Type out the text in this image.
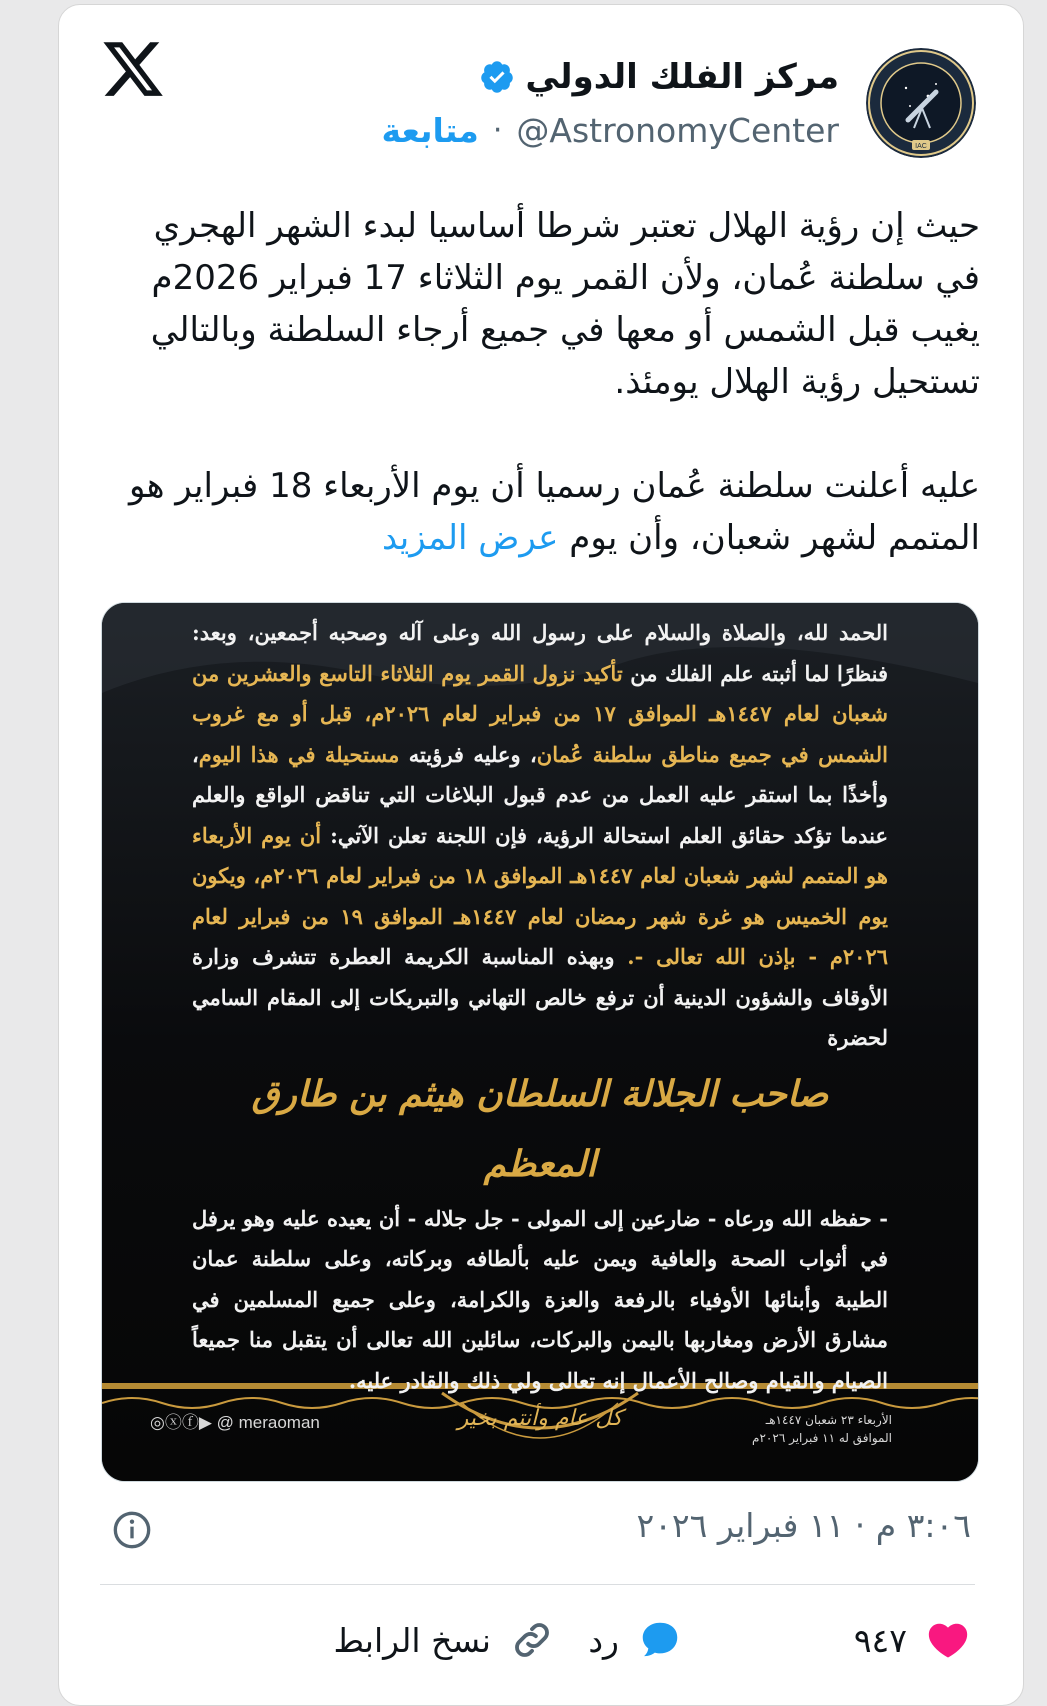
IAC
مركز الفلك الدولي
@AstronomyCenter
·
متابعة

حيث إن رؤية الهلال تعتبر شرطا أساسيا لبدء الشهر الهجري في سلطنة عُمان، ولأن القمر يوم الثلاثاء 17 فبراير 2026م يغيب قبل الشمس أو معها في جميع أرجاء السلطنة وبالتالي تستحيل رؤية الهلال يومئذ.

عليه أعلنت سلطنة عُمان رسميا أن يوم الأربعاء 18 فبراير هو المتمم لشهر شعبان، وأن يوم عرض المزيد

الحمد لله، والصلاة والسلام على رسول الله وعلى آله وصحبه أجمعين، وبعد: فنظرًا لما أثبته علم الفلك من تأكيد نزول القمر يوم الثلاثاء التاسع والعشرين من شعبان لعام ١٤٤٧هـ الموافق ١٧ من فبراير لعام ٢٠٢٦م، قبل أو مع غروب الشمس في جميع مناطق سلطنة عُمان، وعليه فرؤيته مستحيلة في هذا اليوم، وأخذًا بما استقر عليه العمل من عدم قبول البلاغات التي تناقض الواقع والعلم عندما تؤكد حقائق العلم استحالة الرؤية، فإن اللجنة تعلن الآتي: أن يوم الأربعاء هو المتمم لشهر شعبان لعام ١٤٤٧هـ الموافق ١٨ من فبراير لعام ٢٠٢٦م، ويكون يوم الخميس هو غرة شهر رمضان لعام ١٤٤٧هـ الموافق ١٩ من فبراير لعام ٢٠٢٦م - بإذن الله تعالى -. وبهذه المناسبة الكريمة العطرة تتشرف وزارة الأوقاف والشؤون الدينية أن ترفع خالص التهاني والتبريكات إلى المقام السامي لحضرة
صاحب الجلالة السلطان هيثم بن طارق المعظم
- حفظه الله ورعاه - ضارعين إلى المولى - جل جلاله - أن يعيده عليه وهو يرفل في أثواب الصحة والعافية ويمن عليه بألطافه وبركاته، وعلى سلطنة عمان الطيبة وأبنائها الأوفياء بالرفعة والعزة والكرامة، وعلى جميع المسلمين في مشارق الأرض ومغاربها باليمن والبركات، سائلين الله تعالى أن يتقبل منا جميعاً الصيام والقيام وصالح الأعمال إنه تعالى ولي ذلك والقادر عليه.
◎ⓧⓕ▶ @ meraoman	كل عام وأنتم بخير	الأربعاء ٢٣ شعبان ١٤٤٧هـ
الموافق له ١١ فبراير ٢٠٢٦م
٣:٠٦ م · ١١ فبراير ٢٠٢٦
٩٤٧
رد
نسخ الرابط
